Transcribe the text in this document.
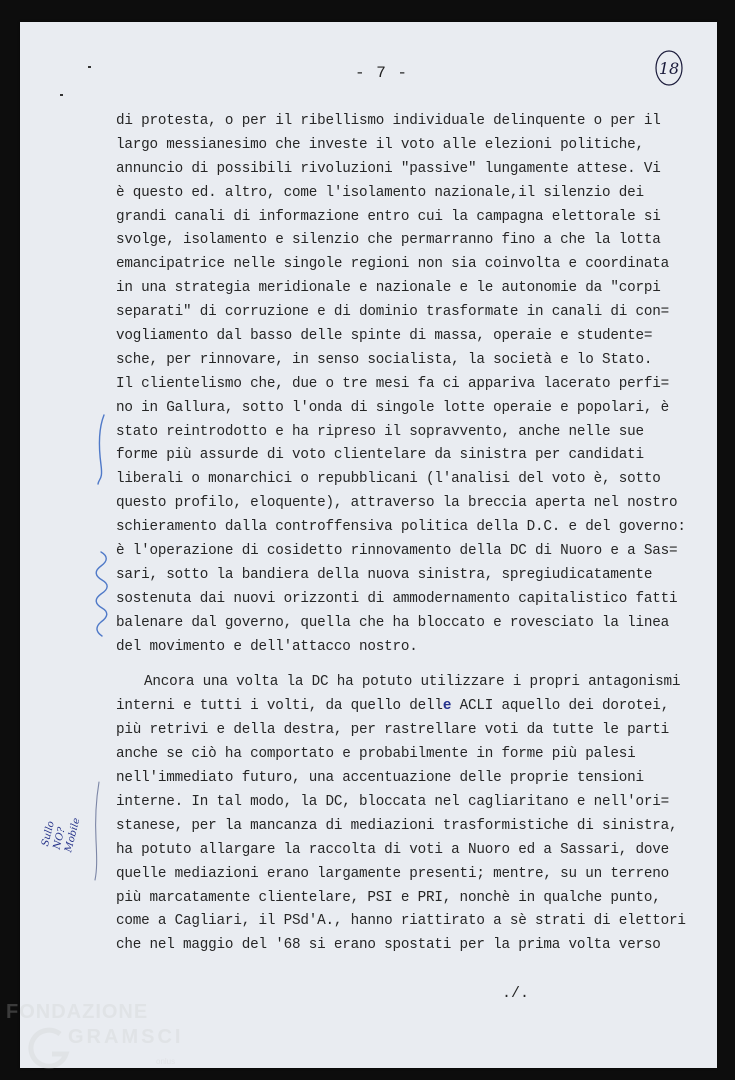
- 7 -	18
di protesta, o per il ribellismo individuale delinquente o per il
largo messianesimo che investe il voto alle elezioni politiche,
annuncio di possibili rivoluzioni "passive" lungamente attese. Vi
è questo ed. altro, come l'isolamento nazionale,il silenzio dei
grandi canali di informazione entro cui la campagna elettorale si
svolge, isolamento e silenzio che permarranno fino a che la lotta
emancipatrice nelle singole regioni non sia coinvolta e coordinata
in una strategia meridionale e nazionale e le autonomie da "corpi
separati" di corruzione e di dominio trasformate in canali di con=
vogliamento dal basso delle spinte di massa, operaie e studente=
sche, per rinnovare, in senso socialista, la società e lo Stato.
Il clientelismo che, due o tre mesi fa ci appariva lacerato perfi=
no in Gallura, sotto l'onda di singole lotte operaie e popolari, è
stato reintrodotto e ha ripreso il sopravvento, anche nelle sue
forme più assurde di voto clientelare da sinistra per candidati
liberali o monarchici o repubblicani (l'analisi del voto è, sotto
questo profilo, eloquente), attraverso la breccia aperta nel nostro
schieramento dalla controffensiva politica della D.C. e del governo:
è l'operazione di cosidetto rinnovamento della DC di Nuoro e a Sas=
sari, sotto la bandiera della nuova sinistra, spregiudicatamente
sostenuta dai nuovi orizzonti di ammodernamento capitalistico fatti
balenare dal governo, quella che ha bloccato e rovesciato la linea
del movimento e dell'attacco nostro.
Ancora una volta la DC ha potuto utilizzare i propri antagonismi
interni e tutti i volti, da quello delle ACLI aquello dei dorotei,
più retrivi e della destra, per rastrellare voti da tutte le parti
anche se ciò ha comportato e probabilmente in forme più palesi
nell'immediato futuro, una accentuazione delle proprie tensioni
interne. In tal modo, la DC, bloccata nel cagliaritano e nell'ori=
stanese, per la mancanza di mediazioni trasformistiche di sinistra,
ha potuto allargare la raccolta di voti a Nuoro ed a Sassari, dove
quelle mediazioni erano largamente presenti; mentre, su un terreno
più marcatamente clientelare, PSI e PRI, nonchè in qualche punto,
come a Cagliari, il PSd'A., hanno riattirato a sè strati di elettori
che nel maggio del '68 si erano spostati per la prima volta verso
Sullo
NO?
Mobile
./.
FONDAZIONE
GRAMSCI
onlus
